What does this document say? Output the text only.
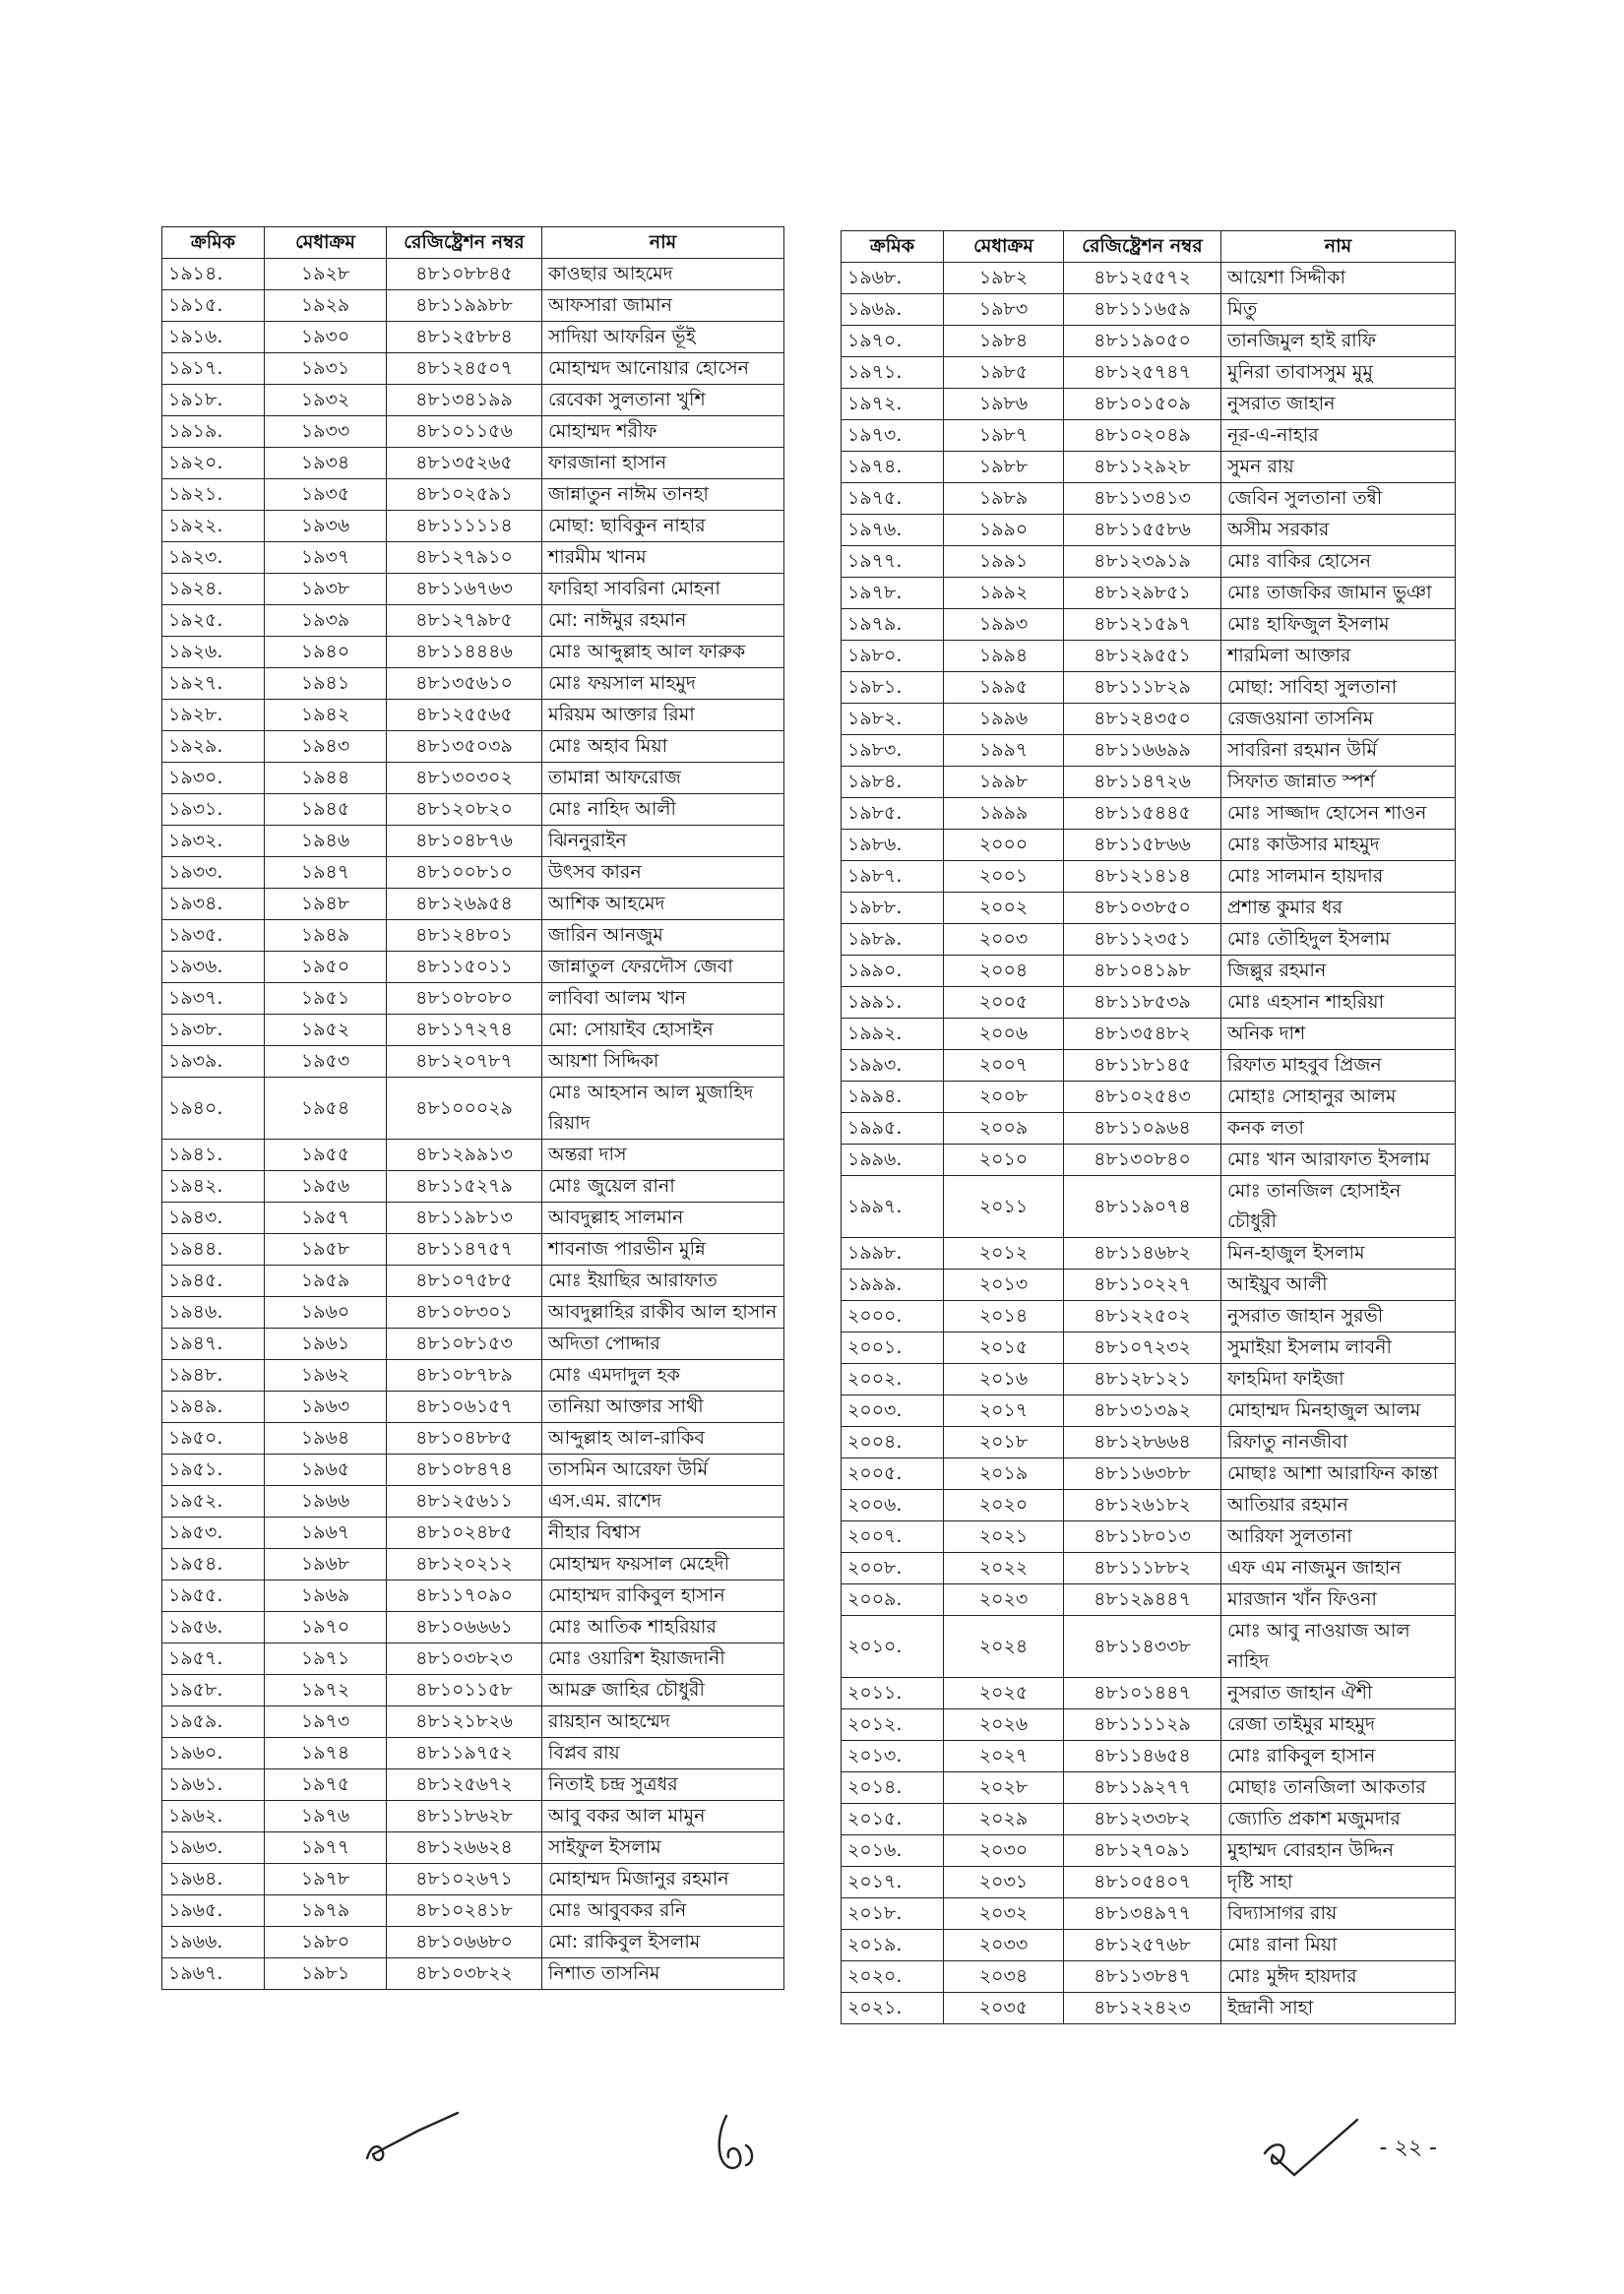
ক্রমিক	মেধাক্রম	রেজিষ্ট্রেশন নম্বর	নাম
১৯১৪.	১৯২৮	৪৮১০৮৮৪৫	কাওছার আহমেদ
১৯১৫.	১৯২৯	৪৮১১৯৯৮৮	আফসারা জামান
১৯১৬.	১৯৩০	৪৮১২৫৮৮৪	সাদিয়া আফরিন ভূঁই
১৯১৭.	১৯৩১	৪৮১২৪৫০৭	মোহাম্মদ আনোয়ার হোসেন
১৯১৮.	১৯৩২	৪৮১৩৪১৯৯	রেবেকা সুলতানা খুশি
১৯১৯.	১৯৩৩	৪৮১০১১৫৬	মোহাম্মদ শরীফ
১৯২০.	১৯৩৪	৪৮১৩৫২৬৫	ফারজানা হাসান
১৯২১.	১৯৩৫	৪৮১০২৫৯১	জান্নাতুন নাঈম তানহা
১৯২২.	১৯৩৬	৪৮১১১১১৪	মোছা: ছাবিকুন নাহার
১৯২৩.	১৯৩৭	৪৮১২৭৯১০	শারমীম খানম
১৯২৪.	১৯৩৮	৪৮১১৬৭৬৩	ফারিহা সাবরিনা মোহনা
১৯২৫.	১৯৩৯	৪৮১২৭৯৮৫	মো: নাঈমুর রহমান
১৯২৬.	১৯৪০	৪৮১১৪৪৪৬	মোঃ আব্দুল্লাহ আল ফারুক
১৯২৭.	১৯৪১	৪৮১৩৫৬১০	মোঃ ফয়সাল মাহমুদ
১৯২৮.	১৯৪২	৪৮১২৫৫৬৫	মরিয়ম আক্তার রিমা
১৯২৯.	১৯৪৩	৪৮১৩৫০৩৯	মোঃ অহাব মিয়া
১৯৩০.	১৯৪৪	৪৮১৩০৩০২	তামান্না আফরোজ
১৯৩১.	১৯৪৫	৪৮১২০৮২০	মোঃ নাহিদ আলী
১৯৩২.	১৯৪৬	৪৮১০৪৮৭৬	ঝিননুরাইন
১৯৩৩.	১৯৪৭	৪৮১০০৮১০	উৎসব কারন
১৯৩৪.	১৯৪৮	৪৮১২৬৯৫৪	আশিক আহমেদ
১৯৩৫.	১৯৪৯	৪৮১২৪৮০১	জারিন আনজুম
১৯৩৬.	১৯৫০	৪৮১১৫০১১	জান্নাতুল ফেরদৌস জেবা
১৯৩৭.	১৯৫১	৪৮১০৮০৮০	লাবিবা আলম খান
১৯৩৮.	১৯৫২	৪৮১১৭২৭৪	মো: সোয়াইব হোসাইন
১৯৩৯.	১৯৫৩	৪৮১২০৭৮৭	আয়শা সিদ্দিকা
১৯৪০.	১৯৫৪	৪৮১০০০২৯	মোঃ আহসান আল মুজাহিদ রিয়াদ
১৯৪১.	১৯৫৫	৪৮১২৯৯১৩	অন্তরা দাস
১৯৪২.	১৯৫৬	৪৮১১৫২৭৯	মোঃ জুয়েল রানা
১৯৪৩.	১৯৫৭	৪৮১১৯৮১৩	আবদুল্লাহ সালমান
১৯৪৪.	১৯৫৮	৪৮১১৪৭৫৭	শাবনাজ পারভীন মুন্নি
১৯৪৫.	১৯৫৯	৪৮১০৭৫৮৫	মোঃ ইয়াছির আরাফাত
১৯৪৬.	১৯৬০	৪৮১০৮৩০১	আবদুল্লাহির রাকীব আল হাসান
১৯৪৭.	১৯৬১	৪৮১০৮১৫৩	অদিতা পোদ্দার
১৯৪৮.	১৯৬২	৪৮১০৮৭৮৯	মোঃ এমদাদুল হক
১৯৪৯.	১৯৬৩	৪৮১০৬১৫৭	তানিয়া আক্তার সাথী
১৯৫০.	১৯৬৪	৪৮১০৪৮৮৫	আব্দুল্লাহ আল-রাকিব
১৯৫১.	১৯৬৫	৪৮১০৮৪৭৪	তাসমিন আরেফা উর্মি
১৯৫২.	১৯৬৬	৪৮১২৫৬১১	এস.এম. রাশেদ
১৯৫৩.	১৯৬৭	৪৮১০২৪৮৫	নীহার বিশ্বাস
১৯৫৪.	১৯৬৮	৪৮১২০২১২	মোহাম্মদ ফয়সাল মেহেদী
১৯৫৫.	১৯৬৯	৪৮১১৭০৯০	মোহাম্মদ রাকিবুল হাসান
১৯৫৬.	১৯৭০	৪৮১০৬৬৬১	মোঃ আতিক শাহরিয়ার
১৯৫৭.	১৯৭১	৪৮১০৩৮২৩	মোঃ ওয়ারিশ ইয়াজদানী
১৯৫৮.	১৯৭২	৪৮১০১১৫৮	আমব্রু জাহির চৌধুরী
১৯৫৯.	১৯৭৩	৪৮১২১৮২৬	রায়হান আহম্মেদ
১৯৬০.	১৯৭৪	৪৮১১৯৭৫২	বিপ্লব রায়
১৯৬১.	১৯৭৫	৪৮১২৫৬৭২	নিতাই চন্দ্র সুত্রধর
১৯৬২.	১৯৭৬	৪৮১১৮৬২৮	আবু বকর আল মামুন
১৯৬৩.	১৯৭৭	৪৮১২৬৬২৪	সাইফুল ইসলাম
১৯৬৪.	১৯৭৮	৪৮১০২৬৭১	মোহাম্মদ মিজানুর রহমান
১৯৬৫.	১৯৭৯	৪৮১০২৪১৮	মোঃ আবুবকর রনি
১৯৬৬.	১৯৮০	৪৮১০৬৬৮০	মো: রাকিবুল ইসলাম
১৯৬৭.	১৯৮১	৪৮১০৩৮২২	নিশাত তাসনিম
ক্রমিক	মেধাক্রম	রেজিষ্ট্রেশন নম্বর	নাম
১৯৬৮.	১৯৮২	৪৮১২৫৫৭২	আয়েশা সিদ্দীকা
১৯৬৯.	১৯৮৩	৪৮১১১৬৫৯	মিতু
১৯৭০.	১৯৮৪	৪৮১১৯০৫০	তানজিমুল হাই রাফি
১৯৭১.	১৯৮৫	৪৮১২৫৭৪৭	মুনিরা তাবাসসুম মুমু
১৯৭২.	১৯৮৬	৪৮১০১৫০৯	নুসরাত জাহান
১৯৭৩.	১৯৮৭	৪৮১০২০৪৯	নূর-এ-নাহার
১৯৭৪.	১৯৮৮	৪৮১১২৯২৮	সুমন রায়
১৯৭৫.	১৯৮৯	৪৮১১৩৪১৩	জেবিন সুলতানা তন্বী
১৯৭৬.	১৯৯০	৪৮১১৫৫৮৬	অসীম সরকার
১৯৭৭.	১৯৯১	৪৮১২৩৯১৯	মোঃ বাকির হোসেন
১৯৭৮.	১৯৯২	৪৮১২৯৮৫১	মোঃ তাজকির জামান ভুঞা
১৯৭৯.	১৯৯৩	৪৮১২১৫৯৭	মোঃ হাফিজুল ইসলাম
১৯৮০.	১৯৯৪	৪৮১২৯৫৫১	শারমিলা আক্তার
১৯৮১.	১৯৯৫	৪৮১১১৮২৯	মোছা: সাবিহা সুলতানা
১৯৮২.	১৯৯৬	৪৮১২৪৩৫০	রেজওয়ানা তাসনিম
১৯৮৩.	১৯৯৭	৪৮১১৬৬৯৯	সাবরিনা রহমান উর্মি
১৯৮৪.	১৯৯৮	৪৮১১৪৭২৬	সিফাত জান্নাত স্পর্শ
১৯৮৫.	১৯৯৯	৪৮১১৫৪৪৫	মোঃ সাজ্জাদ হোসেন শাওন
১৯৮৬.	২০০০	৪৮১১৫৮৬৬	মোঃ কাউসার মাহমুদ
১৯৮৭.	২০০১	৪৮১২১৪১৪	মোঃ সালমান হায়দার
১৯৮৮.	২০০২	৪৮১০৩৮৫০	প্রশান্ত কুমার ধর
১৯৮৯.	২০০৩	৪৮১১২৩৫১	মোঃ তৌহিদুল ইসলাম
১৯৯০.	২০০৪	৪৮১০৪১৯৮	জিল্লুর রহমান
১৯৯১.	২০০৫	৪৮১১৮৫৩৯	মোঃ এহসান শাহরিয়া
১৯৯২.	২০০৬	৪৮১৩৫৪৮২	অনিক দাশ
১৯৯৩.	২০০৭	৪৮১১৮১৪৫	রিফাত মাহবুব প্রিজন
১৯৯৪.	২০০৮	৪৮১০২৫৪৩	মোহাঃ সোহানুর আলম
১৯৯৫.	২০০৯	৪৮১১০৯৬৪	কনক লতা
১৯৯৬.	২০১০	৪৮১৩০৮৪০	মোঃ খান আরাফাত ইসলাম
১৯৯৭.	২০১১	৪৮১১৯০৭৪	মোঃ তানজিল হোসাইন চৌধুরী
১৯৯৮.	২০১২	৪৮১১৪৬৮২	মিন-হাজুল ইসলাম
১৯৯৯.	২০১৩	৪৮১১০২২৭	আইয়ুব আলী
২০০০.	২০১৪	৪৮১২২৫০২	নুসরাত জাহান সুরভী
২০০১.	২০১৫	৪৮১০৭২৩২	সুমাইয়া ইসলাম লাবনী
২০০২.	২০১৬	৪৮১২৮১২১	ফাহমিদা ফাইজা
২০০৩.	২০১৭	৪৮১৩১৩৯২	মোহাম্মদ মিনহাজুল আলম
২০০৪.	২০১৮	৪৮১২৮৬৬৪	রিফাতু নানজীবা
২০০৫.	২০১৯	৪৮১১৬৩৮৮	মোছাঃ আশা আরাফিন কান্তা
২০০৬.	২০২০	৪৮১২৬১৮২	আতিয়ার রহমান
২০০৭.	২০২১	৪৮১১৮০১৩	আরিফা সুলতানা
২০০৮.	২০২২	৪৮১১১৮৮২	এফ এম নাজমুন জাহান
২০০৯.	২০২৩	৪৮১২৯৪৪৭	মারজান খাঁন ফিওনা
২০১০.	২০২৪	৪৮১১৪৩৩৮	মোঃ আবু নাওয়াজ আল নাহিদ
২০১১.	২০২৫	৪৮১০১৪৪৭	নুসরাত জাহান ঐশী
২০১২.	২০২৬	৪৮১১১১২৯	রেজা তাইমুর মাহমুদ
২০১৩.	২০২৭	৪৮১১৪৬৫৪	মোঃ রাকিবুল হাসান
২০১৪.	২০২৮	৪৮১১৯২৭৭	মোছাঃ তানজিলা আকতার
২০১৫.	২০২৯	৪৮১২৩৩৮২	জ্যোতি প্রকাশ মজুমদার
২০১৬.	২০৩০	৪৮১২৭০৯১	মুহাম্মদ বোরহান উদ্দিন
২০১৭.	২০৩১	৪৮১০৫৪০৭	দৃষ্টি সাহা
২০১৮.	২০৩২	৪৮১৩৪৯৭৭	বিদ্যাসাগর রায়
২০১৯.	২০৩৩	৪৮১২৫৭৬৮	মোঃ রানা মিয়া
২০২০.	২০৩৪	৪৮১১৩৮৪৭	মোঃ মুঈদ হায়দার
২০২১.	২০৩৫	৪৮১২২৪২৩	ইন্দ্রানী সাহা
- ২২ -
